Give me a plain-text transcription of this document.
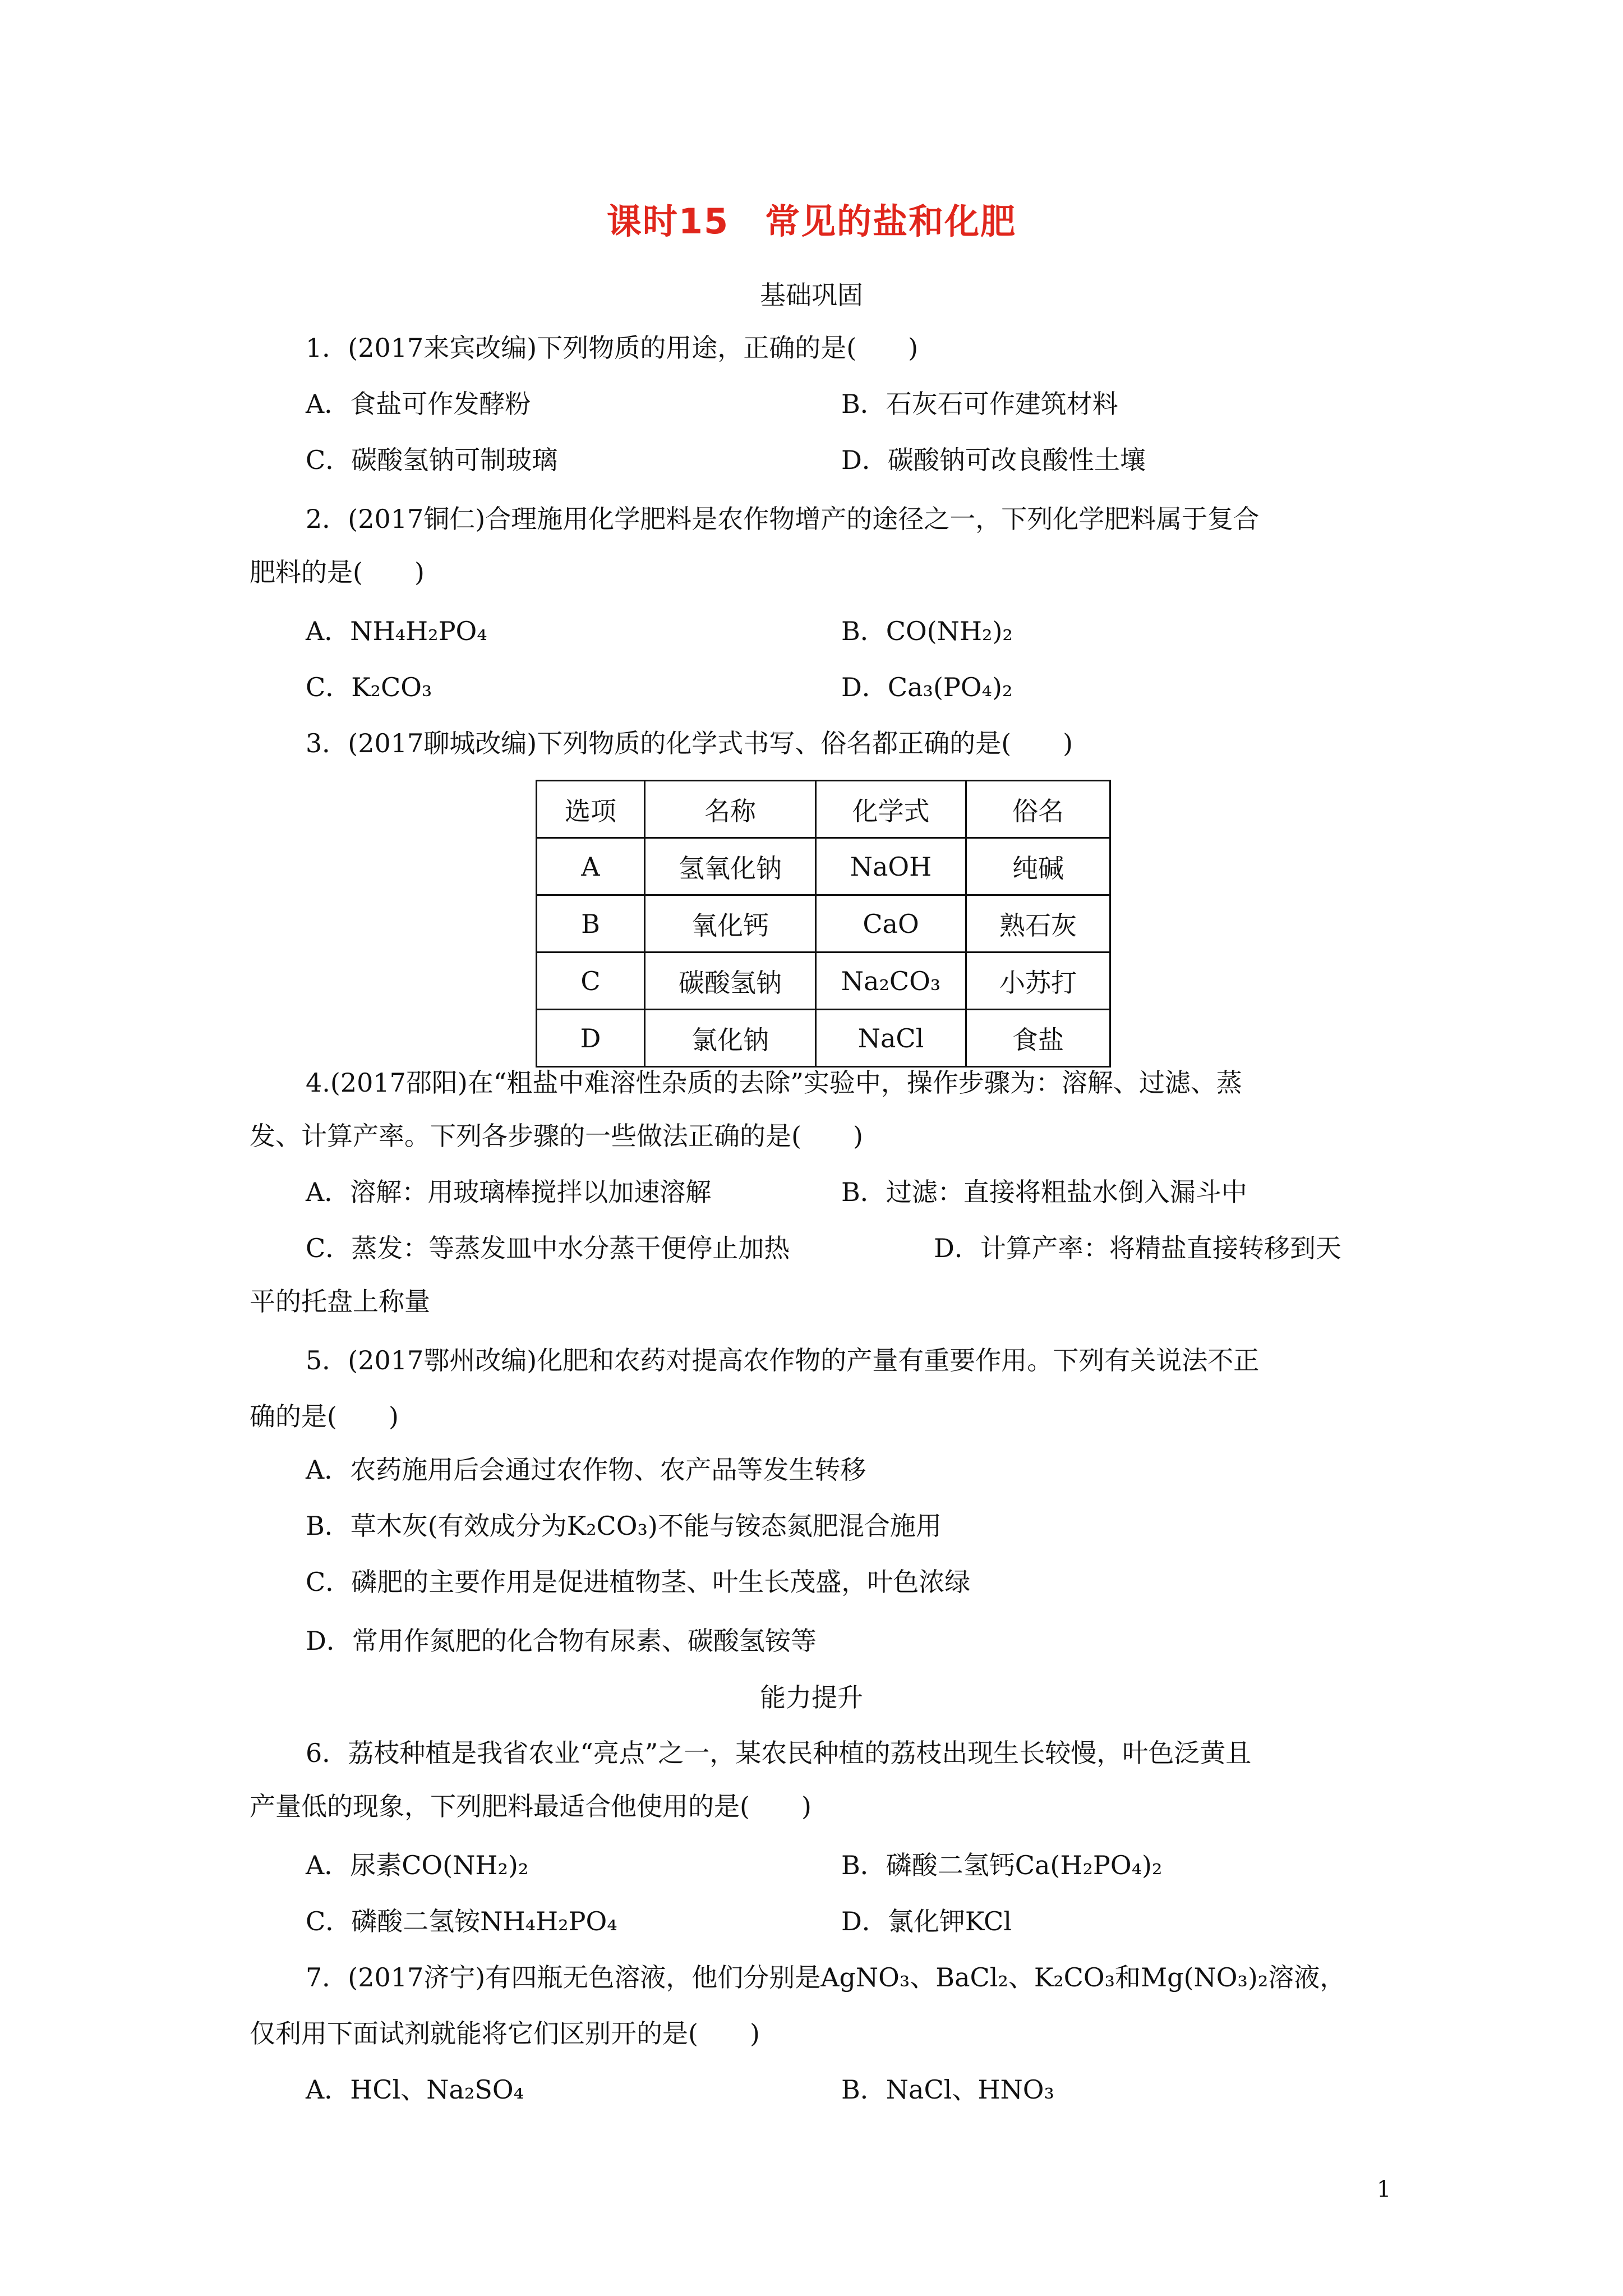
课时15　常见的盐和化肥
基础巩固
1．(2017来宾改编)下列物质的用途，正确的是(　　)
A．食盐可作发酵粉	B．石灰石可作建筑材料
C．碳酸氢钠可制玻璃	D．碳酸钠可改良酸性土壤
2．(2017铜仁)合理施用化学肥料是农作物增产的途径之一，下列化学肥料属于复合
肥料的是(　　)
A．NH₄H₂PO₄	B．CO(NH₂)₂
C．K₂CO₃	D．Ca₃(PO₄)₂
3．(2017聊城改编)下列物质的化学式书写、俗名都正确的是(　　)
选项	名称	化学式	俗名
A	氢氧化钠	NaOH	纯碱
B	氧化钙	CaO	熟石灰
C	碳酸氢钠	Na₂CO₃	小苏打
D	氯化钠	NaCl	食盐
4.(2017邵阳)在“粗盐中难溶性杂质的去除”实验中，操作步骤为：溶解、过滤、蒸
发、计算产率。下列各步骤的一些做法正确的是(　　)
A．溶解：用玻璃棒搅拌以加速溶解	B．过滤：直接将粗盐水倒入漏斗中
C．蒸发：等蒸发皿中水分蒸干便停止加热	D．计算产率：将精盐直接转移到天
平的托盘上称量
5．(2017鄂州改编)化肥和农药对提高农作物的产量有重要作用。下列有关说法不正
确的是(　　)
A．农药施用后会通过农作物、农产品等发生转移
B．草木灰(有效成分为K₂CO₃)不能与铵态氮肥混合施用
C．磷肥的主要作用是促进植物茎、叶生长茂盛，叶色浓绿
D．常用作氮肥的化合物有尿素、碳酸氢铵等
能力提升
6．荔枝种植是我省农业“亮点”之一，某农民种植的荔枝出现生长较慢，叶色泛黄且
产量低的现象，下列肥料最适合他使用的是(　　)
A．尿素CO(NH₂)₂	B．磷酸二氢钙Ca(H₂PO₄)₂
C．磷酸二氢铵NH₄H₂PO₄	D．氯化钾KCl
7．(2017济宁)有四瓶无色溶液，他们分别是AgNO₃、BaCl₂、K₂CO₃和Mg(NO₃)₂溶液，
仅利用下面试剂就能将它们区别开的是(　　)
A．HCl、Na₂SO₄	B．NaCl、HNO₃
1
